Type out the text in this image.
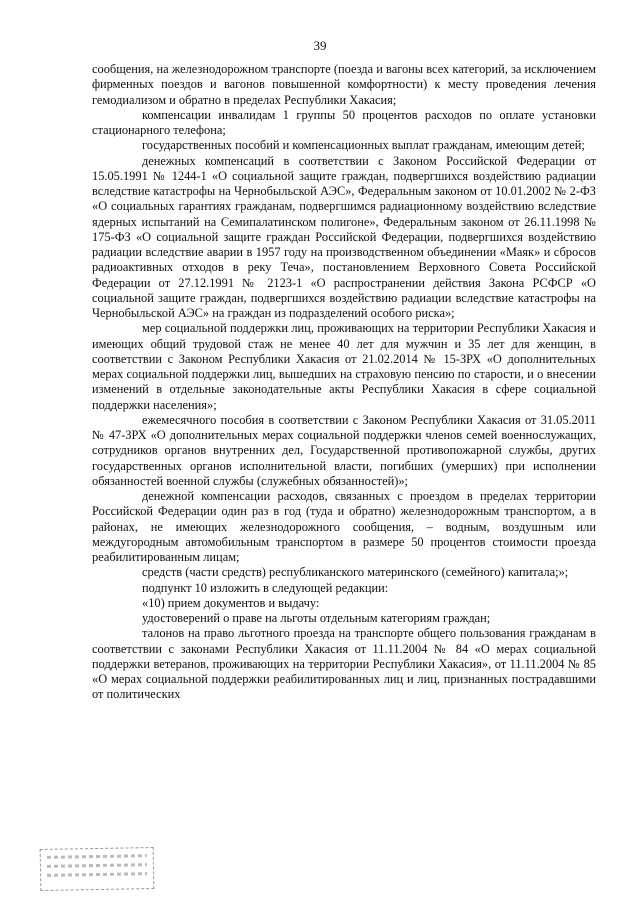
39

сообщения, на железнодорожном транспорте (поезда и вагоны всех категорий, за исключением фирменных поездов и вагонов повышенной комфортности) к месту проведения лечения гемодиализом и обратно в пределах Республики Хакасия;

компенсации инвалидам 1 группы 50 процентов расходов по оплате установки стационарного телефона;

государственных пособий и компенсационных выплат гражданам, имеющим детей;

денежных компенсаций в соответствии с Законом Российской Федерации от 15.05.1991 № 1244-1 «О социальной защите граждан, подвергшихся воздействию радиации вследствие катастрофы на Чернобыльской АЭС», Федеральным законом от 10.01.2002 № 2-ФЗ «О социальных гарантиях гражданам, подвергшимся радиационному воздействию вследствие ядерных испытаний на Семипалатинском полигоне», Федеральным законом от 26.11.1998 № 175-ФЗ «О социальной защите граждан Российской Федерации, подвергшихся воздействию радиации вследствие аварии в 1957 году на производственном объединении «Маяк» и сбросов радиоактивных отходов в реку Теча», постановлением Верховного Совета Российской Федерации от 27.12.1991 № 2123-1 «О распространении действия Закона РСФСР «О социальной защите граждан, подвергшихся воздействию радиации вследствие катастрофы на Чернобыльской АЭС» на граждан из подразделений особого риска»;

мер социальной поддержки лиц, проживающих на территории Республики Хакасия и имеющих общий трудовой стаж не менее 40 лет для мужчин и 35 лет для женщин, в соответствии с Законом Республики Хакасия от 21.02.2014 № 15-ЗРХ «О дополнительных мерах социальной поддержки лиц, вышедших на страховую пенсию по старости, и о внесении изменений в отдельные законодательные акты Республики Хакасия в сфере социальной поддержки населения»;

ежемесячного пособия в соответствии с Законом Республики Хакасия от 31.05.2011 № 47-ЗРХ «О дополнительных мерах социальной поддержки членов семей военнослужащих, сотрудников органов внутренних дел, Государственной противопожарной службы, других государственных органов исполнительной власти, погибших (умерших) при исполнении обязанностей военной службы (служебных обязанностей)»;

денежной компенсации расходов, связанных с проездом в пределах территории Российской Федерации один раз в год (туда и обратно) железнодорожным транспортом, а в районах, не имеющих железнодорожного сообщения, – водным, воздушным или междугородным автомобильным транспортом в размере 50 процентов стоимости проезда реабилитированным лицам;

средств (части средств) республиканского материнского (семейного) капитала;»;

подпункт 10 изложить в следующей редакции:

«10) прием документов и выдачу:

удостоверений о праве на льготы отдельным категориям граждан;

талонов на право льготного проезда на транспорте общего пользования гражданам в соответствии с законами Республики Хакасия от 11.11.2004 № 84 «О мерах социальной поддержки ветеранов, проживающих на территории Республики Хакасия», от 11.11.2004 № 85 «О мерах социальной поддержки реабилитированных лиц и лиц, признанных пострадавшими от политических
